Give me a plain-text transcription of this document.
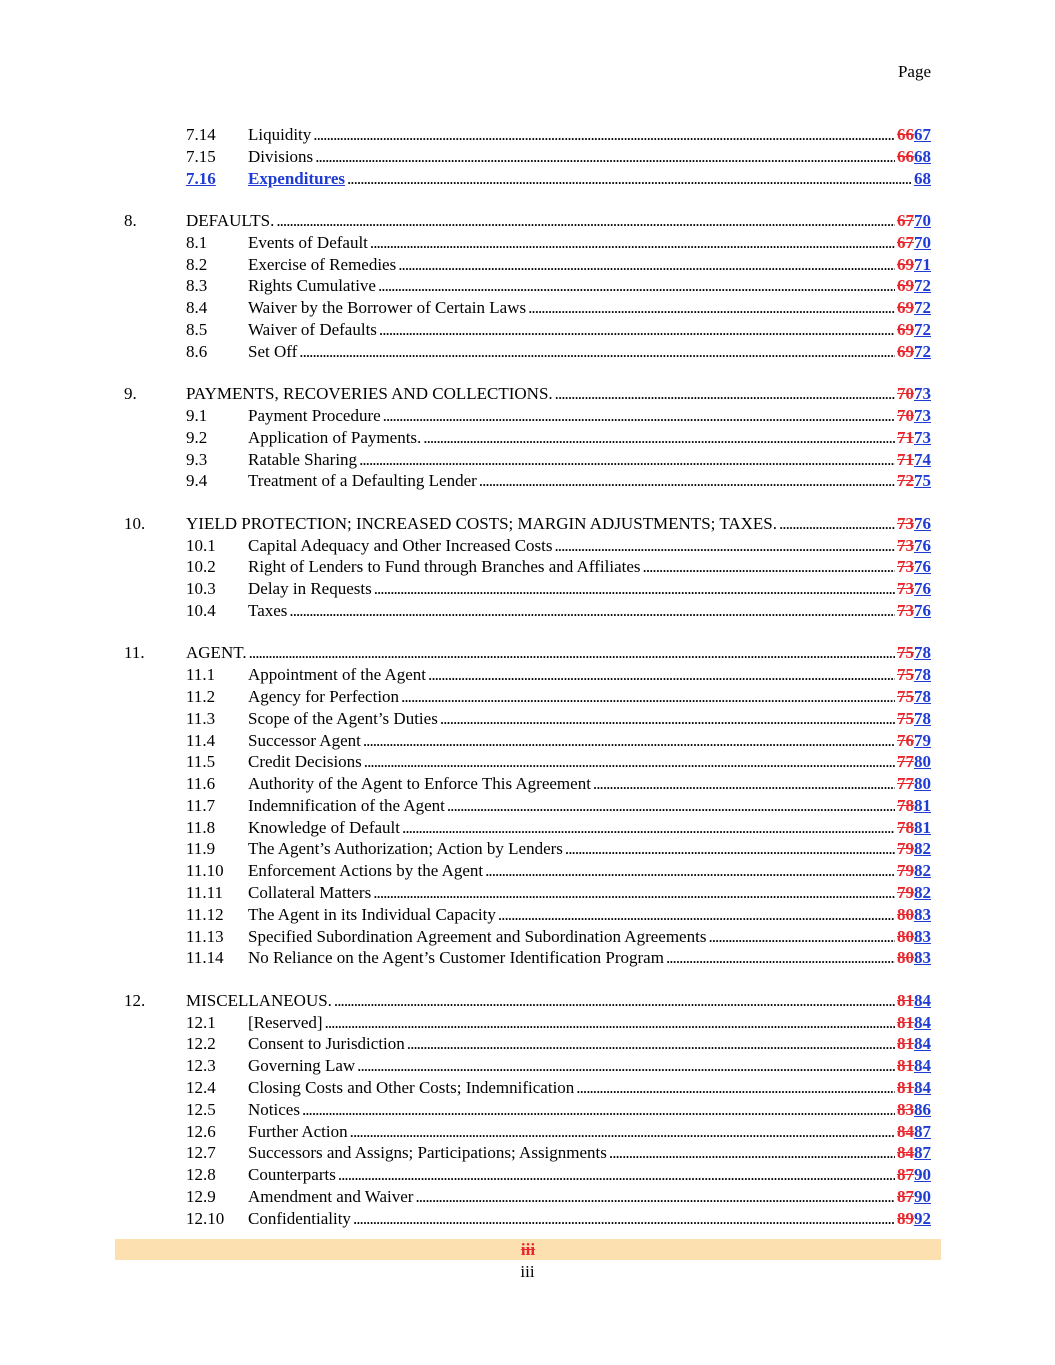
Page
7.14 Liquidity . . .	6667
7.15 Divisions . . .	6668
7.16 Expenditures . . .	68
8.	DEFAULTS. . . .	6770
8.1 Events of Default . . .	6770
8.2 Exercise of Remedies . . .	6971
8.3 Rights Cumulative . . .	6972
8.4 Waiver by the Borrower of Certain Laws . . .	6972
8.5 Waiver of Defaults . . .	6972
8.6 Set Off . . .	6972
9.	PAYMENTS, RECOVERIES AND COLLECTIONS. . . .	7073
9.1 Payment Procedure . . .	7073
9.2 Application of Payments. . . .	7173
9.3 Ratable Sharing . . .	7174
9.4 Treatment of a Defaulting Lender . . .	7275
10. YIELD PROTECTION; INCREASED COSTS; MARGIN ADJUSTMENTS; TAXES. . . .	7376
10.1 Capital Adequacy and Other Increased Costs . . .	7376
10.2 Right of Lenders to Fund through Branches and Affiliates . . .	7376
10.3 Delay in Requests . . .	7376
10.4 Taxes . . .	7376
11. AGENT. . . .	7578
11.1 Appointment of the Agent . . .	7578
11.2 Agency for Perfection . . .	7578
11.3 Scope of the Agent’s Duties . . .	7578
11.4 Successor Agent . . .	7679
11.5 Credit Decisions . . .	7780
11.6 Authority of the Agent to Enforce This Agreement . . .	7780
11.7 Indemnification of the Agent . . .	7881
11.8 Knowledge of Default . . .	7881
11.9 The Agent’s Authorization; Action by Lenders . . .	7982
11.10 Enforcement Actions by the Agent . . .	7982
11.11 Collateral Matters . . .	7982
11.12 The Agent in its Individual Capacity . . .	8083
11.13 Specified Subordination Agreement and Subordination Agreements . . .	8083
11.14 No Reliance on the Agent’s Customer Identification Program . . .	8083
12. MISCELLANEOUS. . . .	8184
12.1 [Reserved] . . .	8184
12.2 Consent to Jurisdiction . . .	8184
12.3 Governing Law . . .	8184
12.4 Closing Costs and Other Costs; Indemnification . . .	8184
12.5 Notices . . .	8386
12.6 Further Action . . .	8487
12.7 Successors and Assigns; Participations; Assignments . . .	8487
12.8 Counterparts . . .	8790
12.9 Amendment and Waiver . . .	8790
12.10 Confidentiality . . .	8992
iii
iii
